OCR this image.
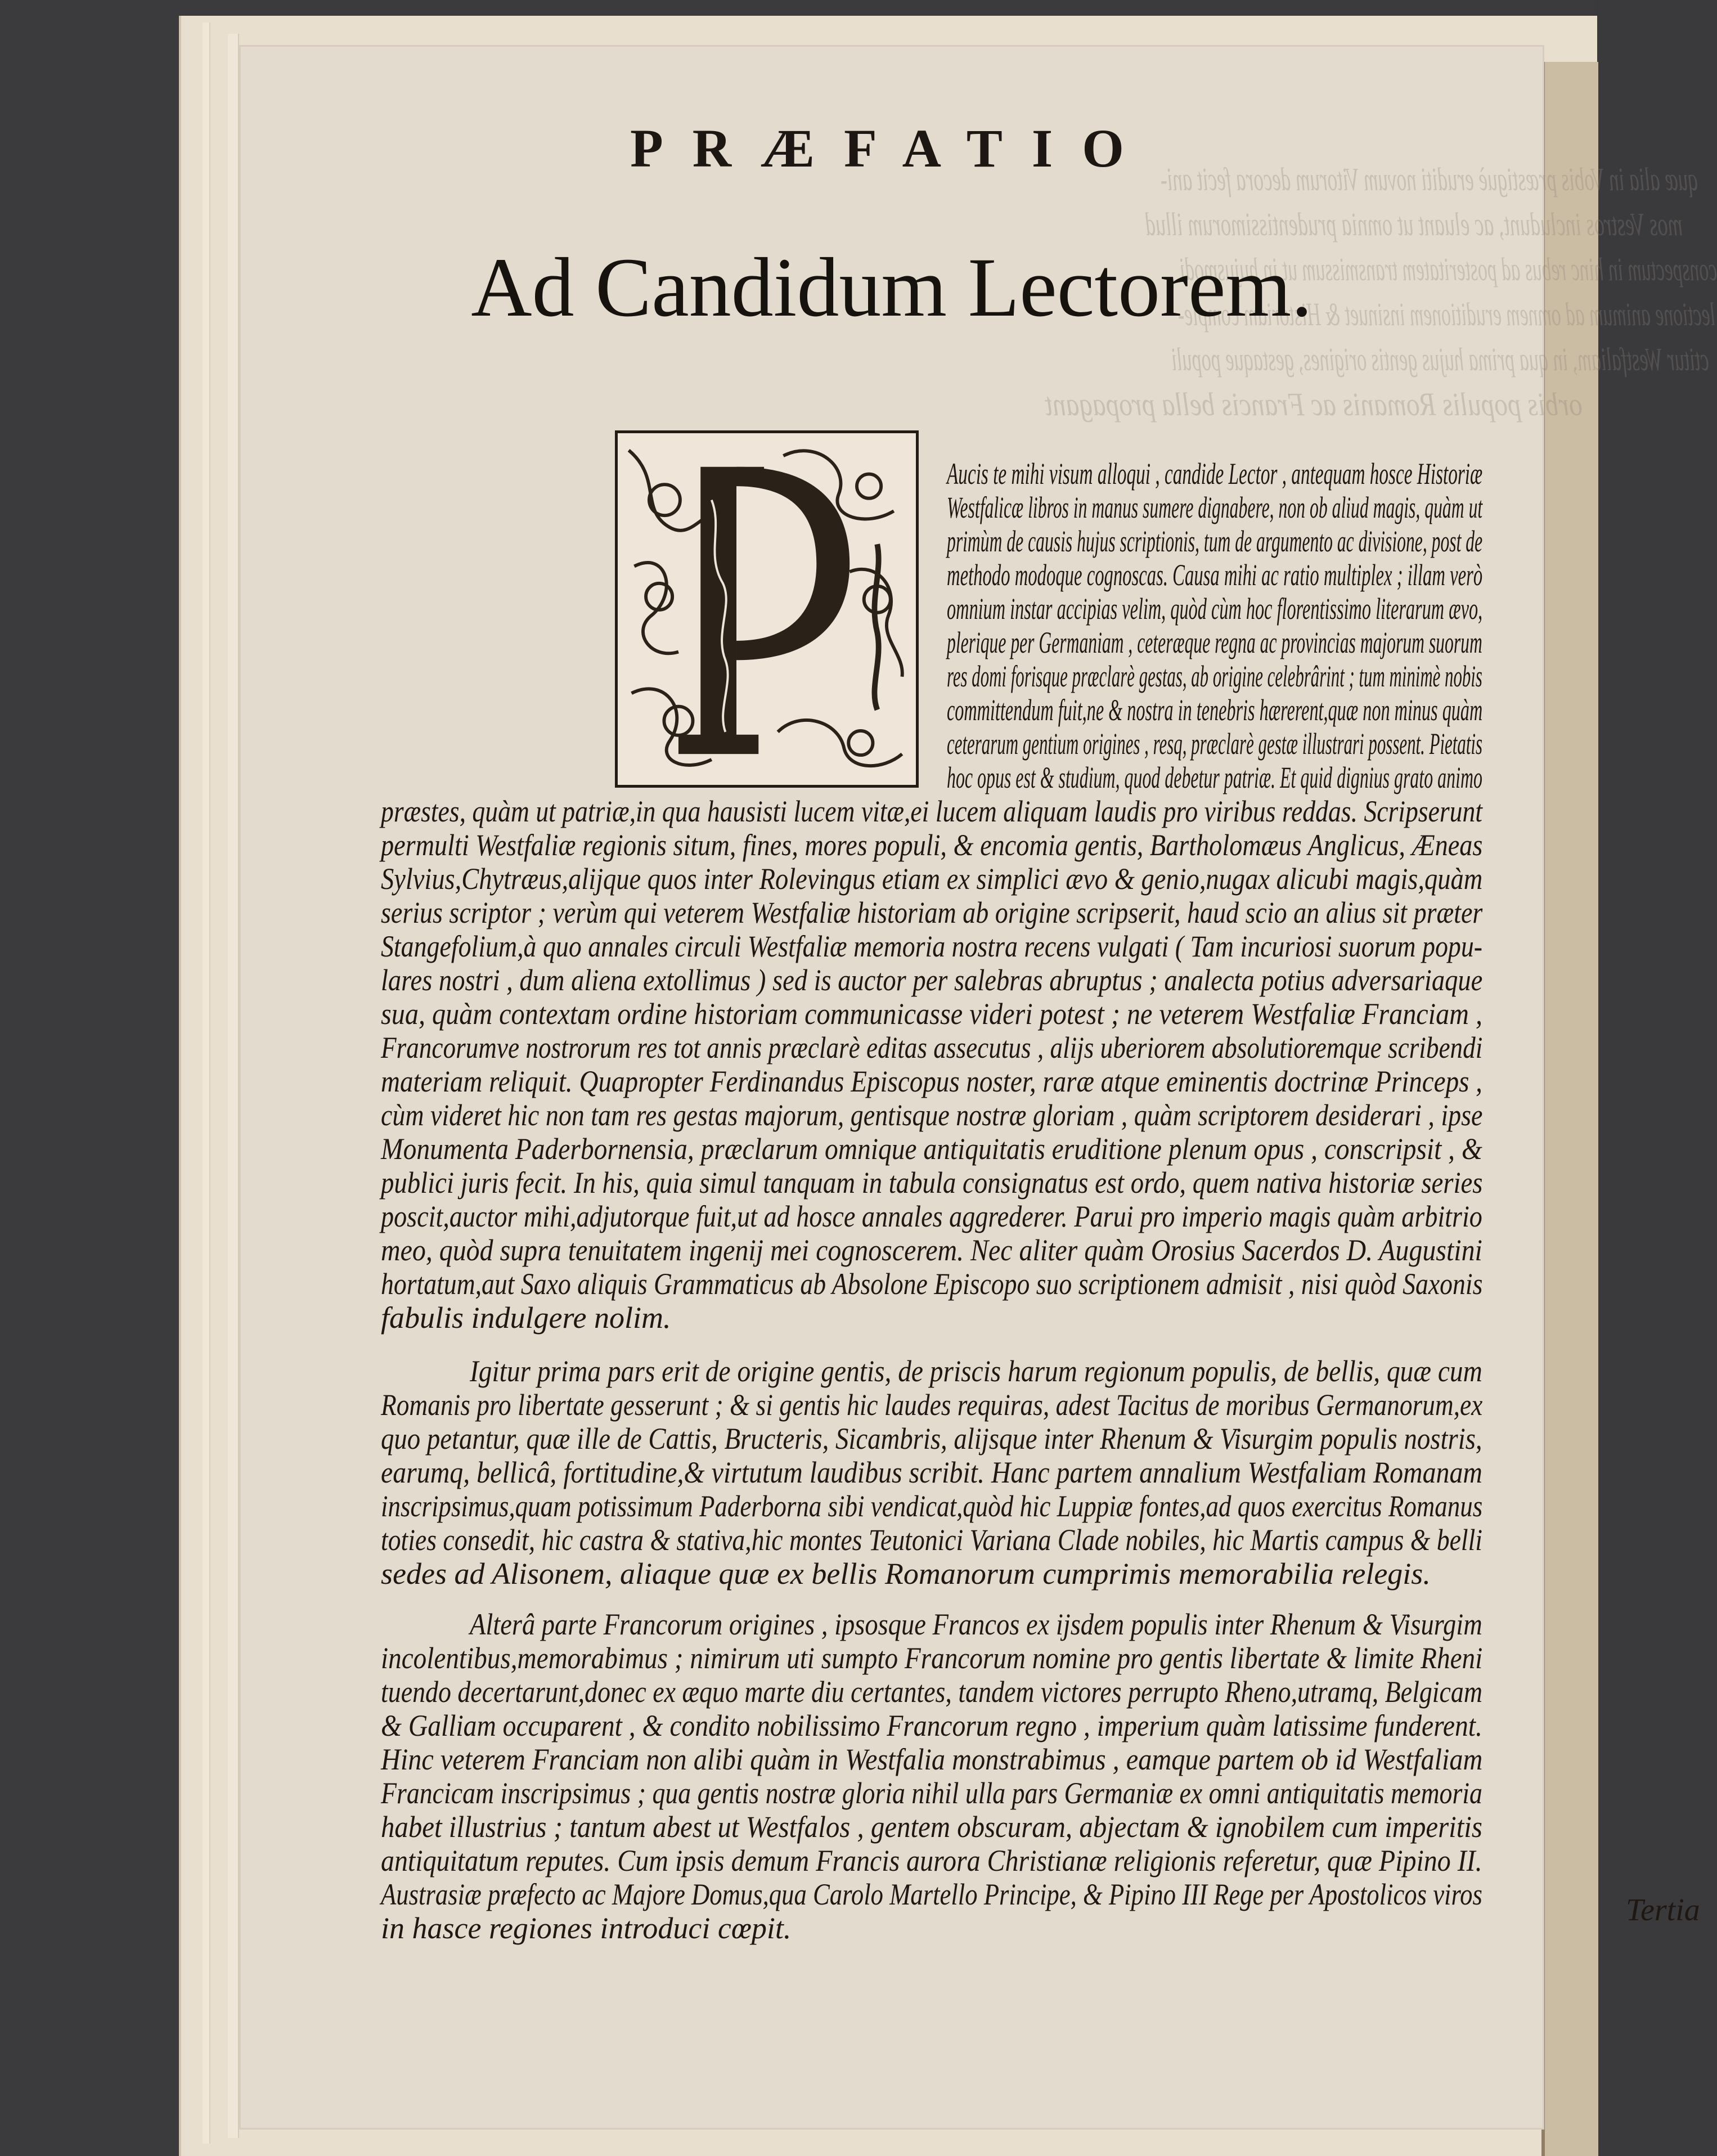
quæ alia in Vobis præstiguè eruditi novum Vitorum decora fecit ani-
mos Vestros includunt, ac eluant ut omnia prudentissimorum illud
conspectum in hinc rebus ad posteritatem transmissum ut in hujusmodi
lectione animum ad omnem eruditionem insinuet & Historiam comple-
ctitur Westfaliam, in qua prima hujus gentis origines, gestaque populi
orbis populis Romanis ac Francis bella propagant
PRÆFATIO
Ad Candidum Lectorem.
Aucis te mihi visum alloqui , candide Lector , antequam hosce Historiæ
Westfalicæ libros in manus sumere dignabere, non ob aliud magis, quàm ut
primùm de causis hujus scriptionis, tum de argumento ac divisione, post de
methodo modoque cognoscas. Causa mihi ac ratio multiplex ; illam verò
omnium instar accipias velim, quòd cùm hoc florentissimo literarum ævo,
plerique per Germaniam , ceteræque regna ac provincias majorum suorum
res domi forisque præclarè gestas, ab origine celebrârint ; tum minimè nobis
committendum fuit,ne & nostra in tenebris hærerent,quæ non minus quàm
ceterarum gentium origines , resq, præclarè gestæ illustrari possent. Pietatis
hoc opus est & studium, quod debetur patriæ. Et quid dignius grato animo
præstes, quàm ut patriæ,in qua hausisti lucem vitæ,ei lucem aliquam laudis pro viribus reddas. Scripserunt
permulti Westfaliæ regionis situm, fines, mores populi, & encomia gentis, Bartholomæus Anglicus, Æneas
Sylvius,Chytræus,alijque quos inter Rolevingus etiam ex simplici ævo & genio,nugax alicubi magis,quàm
serius scriptor ; verùm qui veterem Westfaliæ historiam ab origine scripserit, haud scio an alius sit præter
Stangefolium,à quo annales circuli Westfaliæ memoria nostra recens vulgati ( Tam incuriosi suorum popu-
lares nostri , dum aliena extollimus ) sed is auctor per salebras abruptus ; analecta potius adversariaque
sua, quàm contextam ordine historiam communicasse videri potest ; ne veterem Westfaliæ Franciam ,
Francorumve nostrorum res tot annis præclarè editas assecutus , alijs uberiorem absolutioremque scribendi
materiam reliquit. Quapropter Ferdinandus Episcopus noster, raræ atque eminentis doctrinæ Princeps ,
cùm videret hic non tam res gestas majorum, gentisque nostræ gloriam , quàm scriptorem desiderari , ipse
Monumenta Paderbornensia, præclarum omnique antiquitatis eruditione plenum opus , conscripsit , &
publici juris fecit. In his, quia simul tanquam in tabula consignatus est ordo, quem nativa historiæ series
poscit,auctor mihi,adjutorque fuit,ut ad hosce annales aggrederer. Parui pro imperio magis quàm arbitrio
meo, quòd supra tenuitatem ingenij mei cognoscerem. Nec aliter quàm Orosius Sacerdos D. Augustini
hortatum,aut Saxo aliquis Grammaticus ab Absolone Episcopo suo scriptionem admisit , nisi quòd Saxonis
fabulis indulgere nolim.
Igitur prima pars erit de origine gentis, de priscis harum regionum populis, de bellis, quæ cum
Romanis pro libertate gesserunt ; & si gentis hic laudes requiras, adest Tacitus de moribus Germanorum,ex
quo petantur, quæ ille de Cattis, Bructeris, Sicambris, alijsque inter Rhenum & Visurgim populis nostris,
earumq, bellicâ, fortitudine,& virtutum laudibus scribit. Hanc partem annalium Westfaliam Romanam
inscripsimus,quam potissimum Paderborna sibi vendicat,quòd hic Luppiæ fontes,ad quos exercitus Romanus
toties consedit, hic castra & stativa,hic montes Teutonici Variana Clade nobiles, hic Martis campus & belli
sedes ad Alisonem, aliaque quæ ex bellis Romanorum cumprimis memorabilia relegis.
Alterâ parte Francorum origines , ipsosque Francos ex ijsdem populis inter Rhenum & Visurgim
incolentibus,memorabimus ; nimirum uti sumpto Francorum nomine pro gentis libertate & limite Rheni
tuendo decertarunt,donec ex æquo marte diu certantes, tandem victores perrupto Rheno,utramq, Belgicam
& Galliam occuparent , & condito nobilissimo Francorum regno , imperium quàm latissime funderent.
Hinc veterem Franciam non alibi quàm in Westfalia monstrabimus , eamque partem ob id Westfaliam
Francicam inscripsimus ; qua gentis nostræ gloria nihil ulla pars Germaniæ ex omni antiquitatis memoria
habet illustrius ; tantum abest ut Westfalos , gentem obscuram, abjectam & ignobilem cum imperitis
antiquitatum reputes. Cum ipsis demum Francis aurora Christianæ religionis referetur, quæ Pipino II.
Austrasiæ præfecto ac Majore Domus,qua Carolo Martello Principe, & Pipino III Rege per Apostolicos viros
in hasce regiones introduci cœpit.
Tertia
